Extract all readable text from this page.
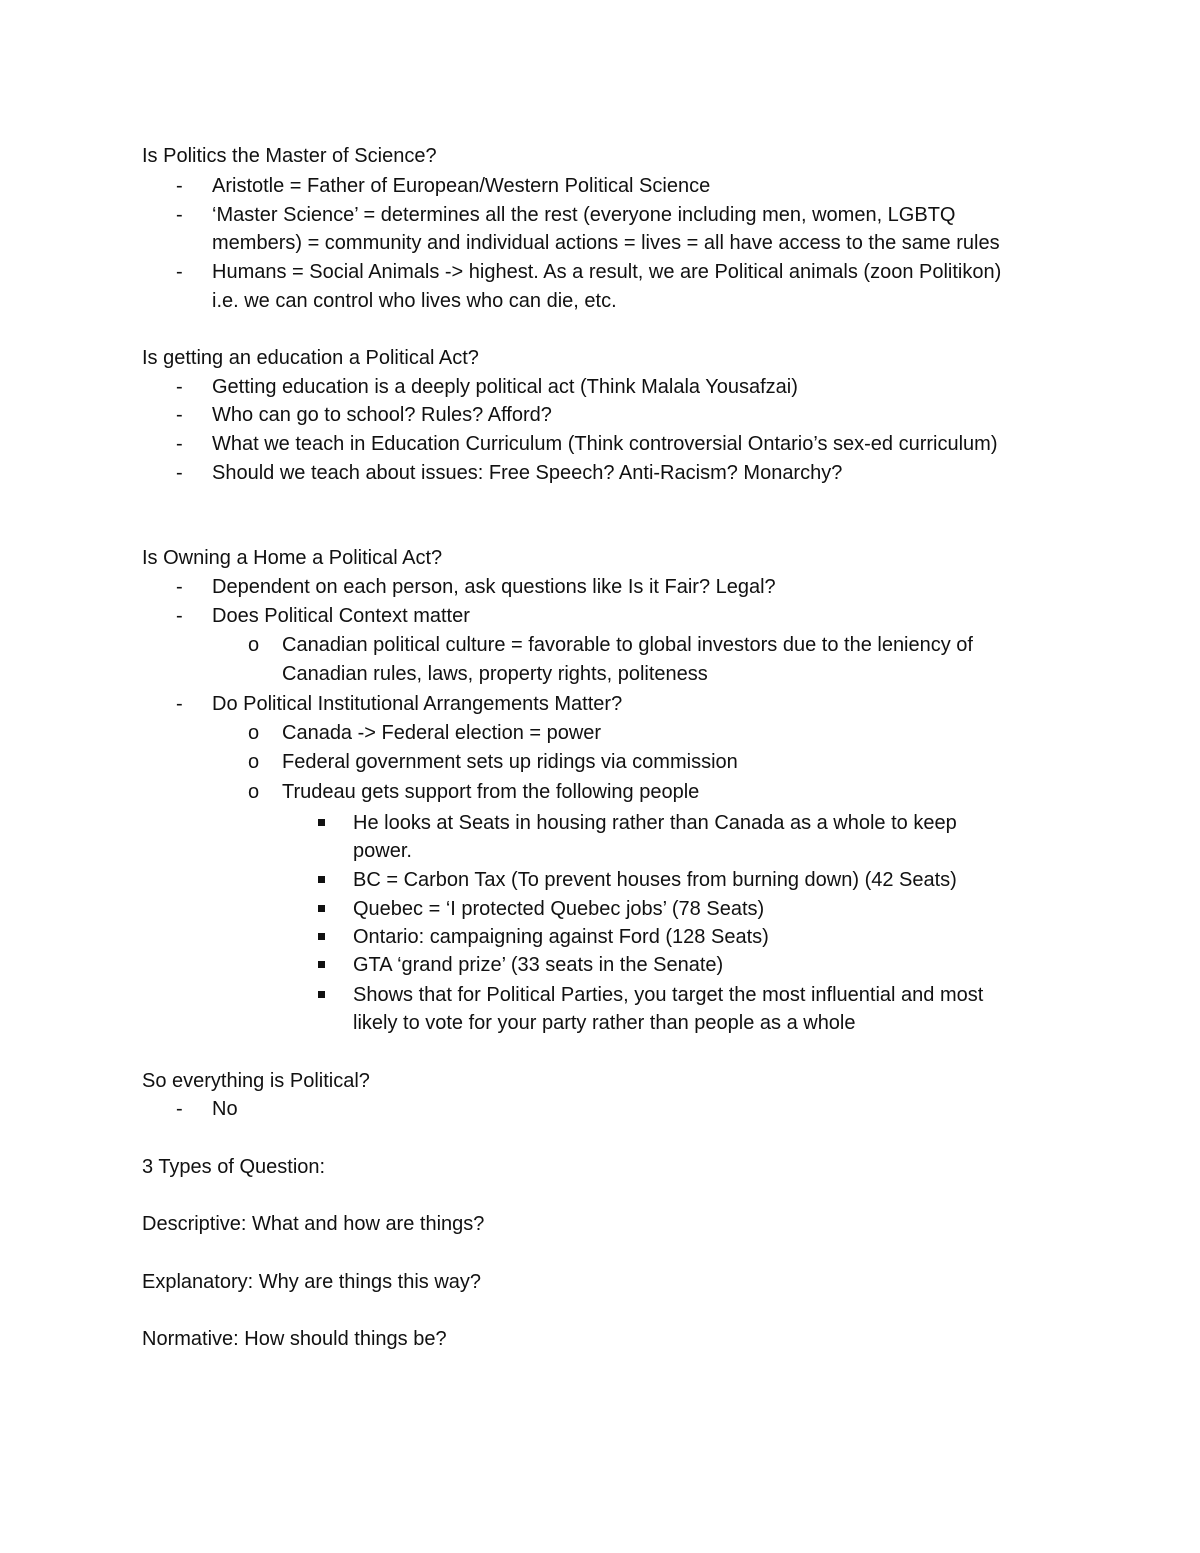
Is Politics the Master of Science?
- Aristotle = Father of European/Western Political Science
- ‘Master Science’ = determines all the rest (everyone including men, women, LGBTQ
members) = community and individual actions = lives = all have access to the same rules
- Humans = Social Animals -> highest. As a result, we are Political animals (zoon Politikon)
i.e. we can control who lives who can die, etc.
Is getting an education a Political Act?
- Getting education is a deeply political act (Think Malala Yousafzai)
- Who can go to school? Rules? Afford?
- What we teach in Education Curriculum (Think controversial Ontario’s sex-ed curriculum)
- Should we teach about issues: Free Speech? Anti-Racism? Monarchy?
Is Owning a Home a Political Act?
- Dependent on each person, ask questions like Is it Fair? Legal?
- Does Political Context matter
o Canadian political culture = favorable to global investors due to the leniency of
Canadian rules, laws, property rights, politeness
- Do Political Institutional Arrangements Matter?
o Canada -> Federal election = power
o Federal government sets up ridings via commission
o Trudeau gets support from the following people
He looks at Seats in housing rather than Canada as a whole to keep
power.
BC = Carbon Tax (To prevent houses from burning down) (42 Seats)
Quebec = ‘I protected Quebec jobs’ (78 Seats)
Ontario: campaigning against Ford (128 Seats)
GTA ‘grand prize’ (33 seats in the Senate)
Shows that for Political Parties, you target the most influential and most
likely to vote for your party rather than people as a whole
So everything is Political?
- No
3 Types of Question:
Descriptive: What and how are things?
Explanatory: Why are things this way?
Normative: How should things be?
